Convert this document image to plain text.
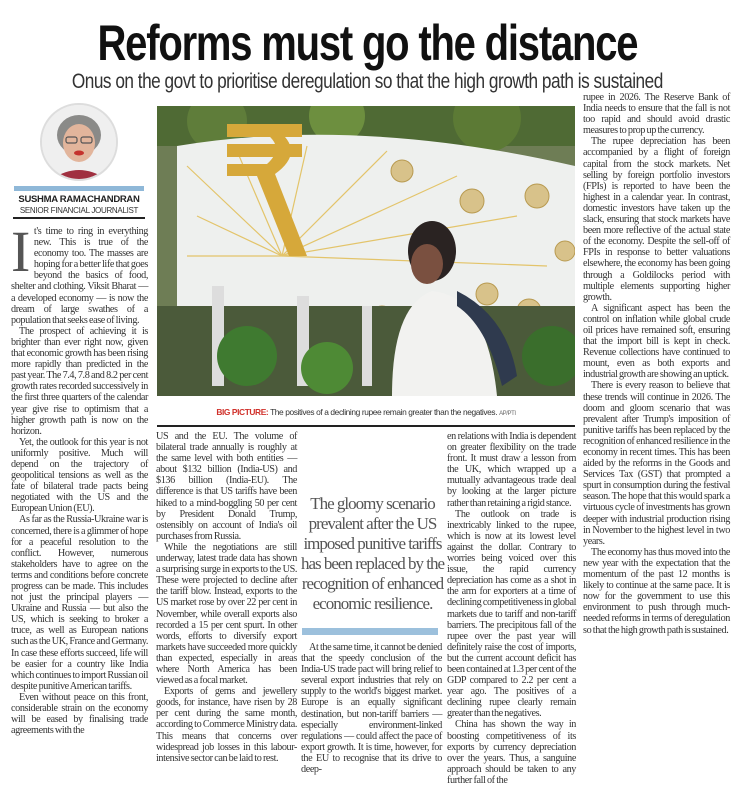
Reforms must go the distance
Onus on the govt to prioritise deregulation so that the high growth path is sustained
SUSHMA RAMACHANDRAN
SENIOR FINANCIAL JOURNALIST
I t's time to ring in everything new. This is true of the economy too. The masses are hoping for a better life that goes beyond the basics of food, shelter and clothing. Viksit Bharat — a developed economy — is now the dream of large swathes of a population that seeks ease of living.

The prospect of achieving it is brighter than ever right now, given that economic growth has been rising more rapidly than predicted in the past year. The 7.4, 7.8 and 8.2 per cent growth rates recorded successively in the first three quarters of the calendar year give rise to optimism that a higher growth path is now on the horizon.

Yet, the outlook for this year is not uniformly positive. Much will depend on the trajectory of geopolitical tensions as well as the fate of bilateral trade pacts being negotiated with the US and the European Union (EU).

As far as the Russia-Ukraine war is concerned, there is a glimmer of hope for a peaceful resolution to the conflict. However, numerous stakeholders have to agree on the terms and conditions before concrete progress can be made. This includes not just the principal players — Ukraine and Russia — but also the US, which is seeking to broker a truce, as well as European nations such as the UK, France and Germany. In case these efforts succeed, life will be easier for a country like India which continues to import Russian oil despite punitive American tariffs.

Even without peace on this front, considerable strain on the economy will be eased by finalising trade agreements with the

BIG PICTURE: The positives of a declining rupee remain greater than the negatives. AP/PTI

US and the EU. The volume of bilateral trade annually is roughly at the same level with both entities — about $132 billion (India-US) and $136 billion (India-EU). The difference is that US tariffs have been hiked to a mind-boggling 50 per cent by President Donald Trump, ostensibly on account of India's oil purchases from Russia.

While the negotiations are still underway, latest trade data has shown a surprising surge in exports to the US. These were projected to decline after the tariff blow. Instead, exports to the US market rose by over 22 per cent in November, while overall exports also recorded a 15 per cent spurt. In other words, efforts to diversify export markets have succeeded more quickly than expected, especially in areas where North America has been viewed as a focal market.

Exports of gems and jewellery goods, for instance, have risen by 28 per cent during the same month, according to Commerce Ministry data. This means that concerns over widespread job losses in this labour-intensive sector can be laid to rest.

The gloomy scenario prevalent after the US imposed punitive tariffs has been replaced by the recognition of enhanced economic resilience.

At the same time, it cannot be denied that the speedy conclusion of the India-US trade pact will bring relief to several export industries that rely on supply to the world's biggest market. Europe is an equally significant destination, but non-tariff barriers — especially environment-linked regulations — could affect the pace of export growth. It is time, however, for the EU to recognise that its drive to deep-

en relations with India is dependent on greater flexibility on the trade front. It must draw a lesson from the UK, which wrapped up a mutually advantageous trade deal by looking at the larger picture rather than retaining a rigid stance.

The outlook on trade is inextricably linked to the rupee, which is now at its lowest level against the dollar. Contrary to worries being voiced over this issue, the rapid currency depreciation has come as a shot in the arm for exporters at a time of declining competitiveness in global markets due to tariff and non-tariff barriers. The precipitous fall of the rupee over the past year will definitely raise the cost of imports, but the current account deficit has been contained at 1.3 per cent of the GDP compared to 2.2 per cent a year ago. The positives of a declining rupee clearly remain greater than the negatives.

China has shown the way in boosting competitiveness of its exports by currency depreciation over the years. Thus, a sanguine approach should be taken to any further fall of the

rupee in 2026. The Reserve Bank of India needs to ensure that the fall is not too rapid and should avoid drastic measures to prop up the currency.

The rupee depreciation has been accompanied by a flight of foreign capital from the stock markets. Net selling by foreign portfolio investors (FPIs) is reported to have been the highest in a calendar year. In contrast, domestic investors have taken up the slack, ensuring that stock markets have been more reflective of the actual state of the economy. Despite the sell-off of FPIs in response to better valuations elsewhere, the economy has been going through a Goldilocks period with multiple elements supporting higher growth.

A significant aspect has been the control on inflation while global crude oil prices have remained soft, ensuring that the import bill is kept in check. Revenue collections have continued to mount, even as both exports and industrial growth are showing an uptick.

There is every reason to believe that these trends will continue in 2026. The doom and gloom scenario that was prevalent after Trump's imposition of punitive tariffs has been replaced by the recognition of enhanced resilience in the economy in recent times. This has been aided by the reforms in the Goods and Services Tax (GST) that prompted a spurt in consumption during the festival season. The hope that this would spark a virtuous cycle of investments has grown deeper with industrial production rising in November to the highest level in two years.

The economy has thus moved into the new year with the expectation that the momentum of the past 12 months is likely to continue at the same pace. It is now for the government to use this environment to push through much-needed reforms in terms of deregulation so that the high growth path is sustained.
